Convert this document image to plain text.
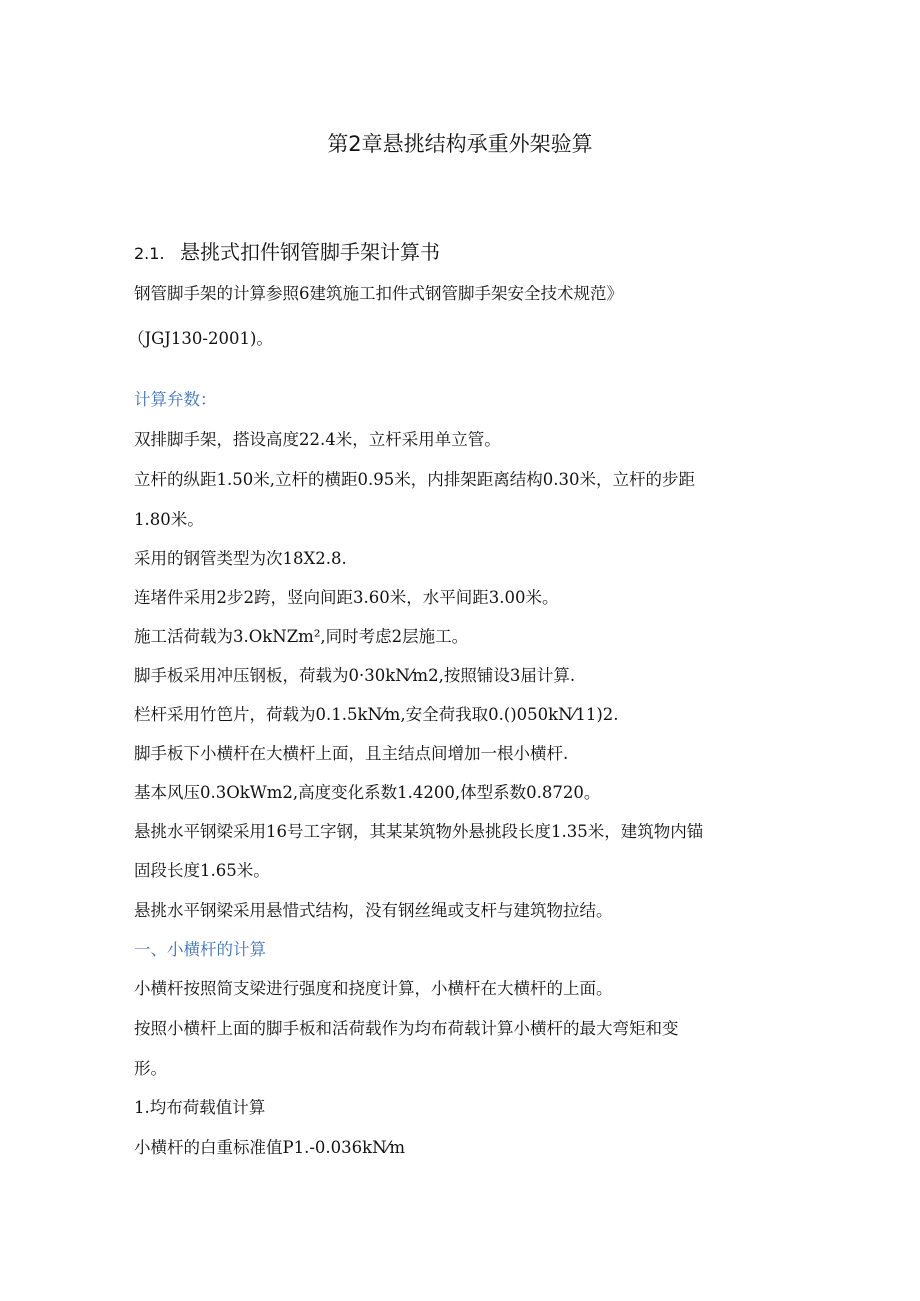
第2章悬挑结构承重外架验算
2.1. 悬挑式扣件钢管脚手架计算书
钢管脚手架的计算参照6建筑施工扣件式钢管脚手架安全技术规范》
（JGJ130-2001)。
计算弁数：
双排脚手架，搭设高度22.4米，立杆采用单立管。
立杆的纵距1.50米,立杆的横距0.95米，内排架距离结构0.30米，立杆的步距
1.80米。
采用的钢管类型为次18X2.8.
连堵件采用2步2跨，竖向间距3.60米，水平间距3.00米。
施工活荷载为3.OkNZm²,同时考虑2层施工。
脚手板采用冲压钢板，荷载为0·30kN⁄m2,按照铺设3届计算.
栏杆采用竹笆片，荷载为0.1.5kN⁄m,安全荷我取0.()050kN⁄11)2.
脚手板下小横杆在大横杆上面，且主结点间增加一根小横杆.
基本风压0.3OkWm2,高度变化系数1.4200,体型系数0.8720。
悬挑水平钢梁采用16号工字钢，其某某筑物外悬挑段长度1.35米，建筑物内锚
固段长度1.65米。
悬挑水平钢梁采用悬惜式结构，没有钢丝绳或支杆与建筑物拉结。
一、小横杆的计算
小横杆按照简支梁进行强度和挠度计算，小横杆在大横杆的上面。
按照小横杆上面的脚手板和活荷载作为均布荷载计算小横杆的最大弯矩和变
形。
1.均布荷载值计算
小横杆的白重标准值P1.-0.036kN⁄m
